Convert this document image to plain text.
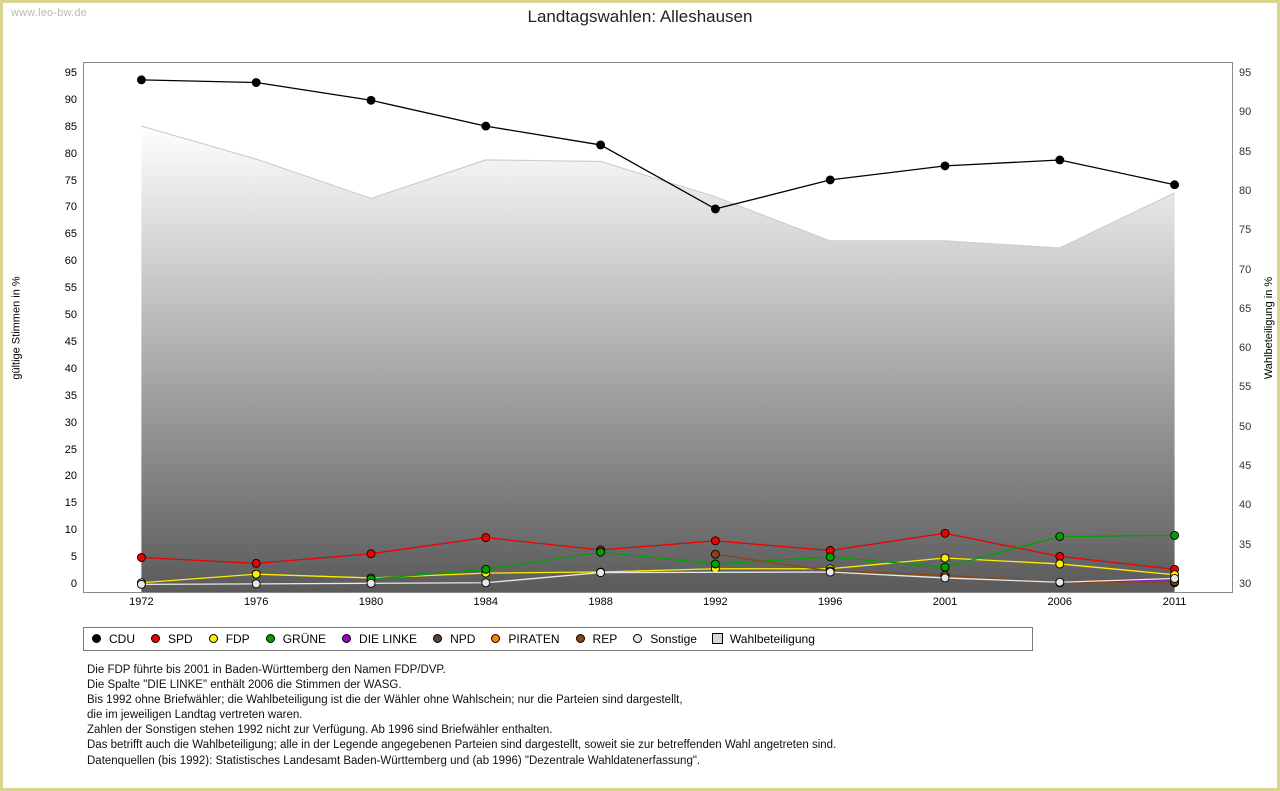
www.leo-bw.de	Landtagswahlen: Alleshausen
gültige Stimmen in %	Wahlbeteiligung in %
0
5
10
15
20
25
30
35
40
45
50
55
60
65
70
75
80
85
90
95
30
35
40
45
50
55
60
65
70
75
80
85
90
95
1972	1976	1980	1984	1988	1992	1996	2001	2006	2011
CDU	SPD	FDP	GRÜNE	DIE LINKE	NPD	PIRATEN	REP	Sonstige	Wahlbeteiligung

Die FDP führte bis 2001 in Baden-Württemberg den Namen FDP/DVP.

Die Spalte "DIE LINKE" enthält 2006 die Stimmen der WASG.

Bis 1992 ohne Briefwähler; die Wahlbeteiligung ist die der Wähler ohne Wahlschein; nur die Parteien sind dargestellt,

die im jeweiligen Landtag vertreten waren.

Zahlen der Sonstigen stehen 1992 nicht zur Verfügung. Ab 1996 sind Briefwähler enthalten.

Das betrifft auch die Wahlbeteiligung; alle in der Legende angegebenen Parteien sind dargestellt, soweit sie zur betreffenden Wahl angetreten sind.

Datenquellen (bis 1992): Statistisches Landesamt Baden-Württemberg und (ab 1996) "Dezentrale Wahldatenerfassung".
